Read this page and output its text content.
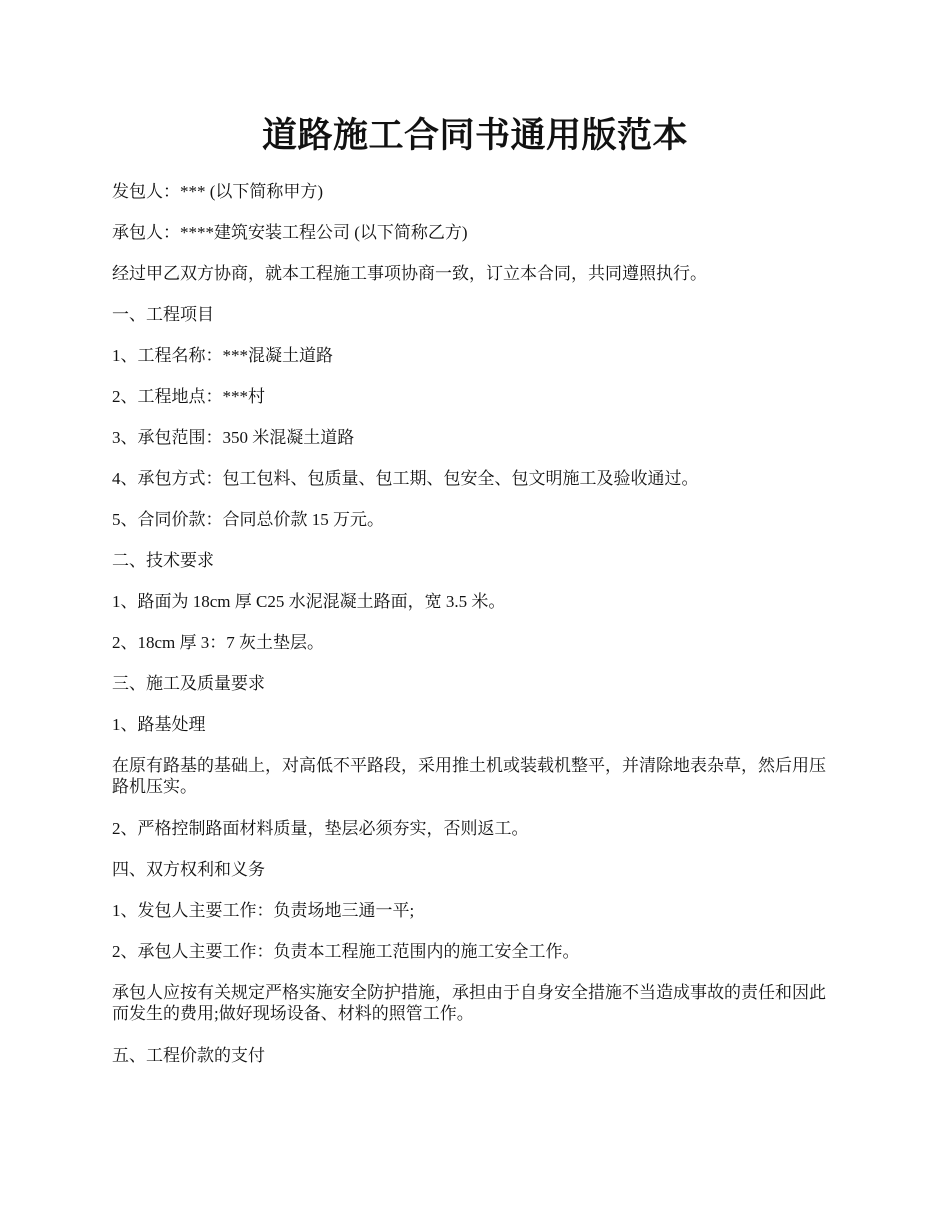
道路施工合同书通用版范本

发包人：*** (以下简称甲方)

承包人：****建筑安装工程公司 (以下简称乙方)

经过甲乙双方协商，就本工程施工事项协商一致，订立本合同，共同遵照执行。

一、工程项目

1、工程名称：***混凝土道路

2、工程地点：***村

3、承包范围：350 米混凝土道路

4、承包方式：包工包料、包质量、包工期、包安全、包文明施工及验收通过。

5、合同价款：合同总价款 15 万元。

二、技术要求

1、路面为 18cm 厚 C25 水泥混凝土路面，宽 3.5 米。

2、18cm 厚 3：7 灰土垫层。

三、施工及质量要求

1、路基处理

在原有路基的基础上，对高低不平路段，采用推土机或装载机整平，并清除地表杂草，然后用压路机压实。

2、严格控制路面材料质量，垫层必须夯实，否则返工。

四、双方权利和义务

1、发包人主要工作：负责场地三通一平;

2、承包人主要工作：负责本工程施工范围内的施工安全工作。

承包人应按有关规定严格实施安全防护措施，承担由于自身安全措施不当造成事故的责任和因此而发生的费用;做好现场设备、材料的照管工作。

五、工程价款的支付
